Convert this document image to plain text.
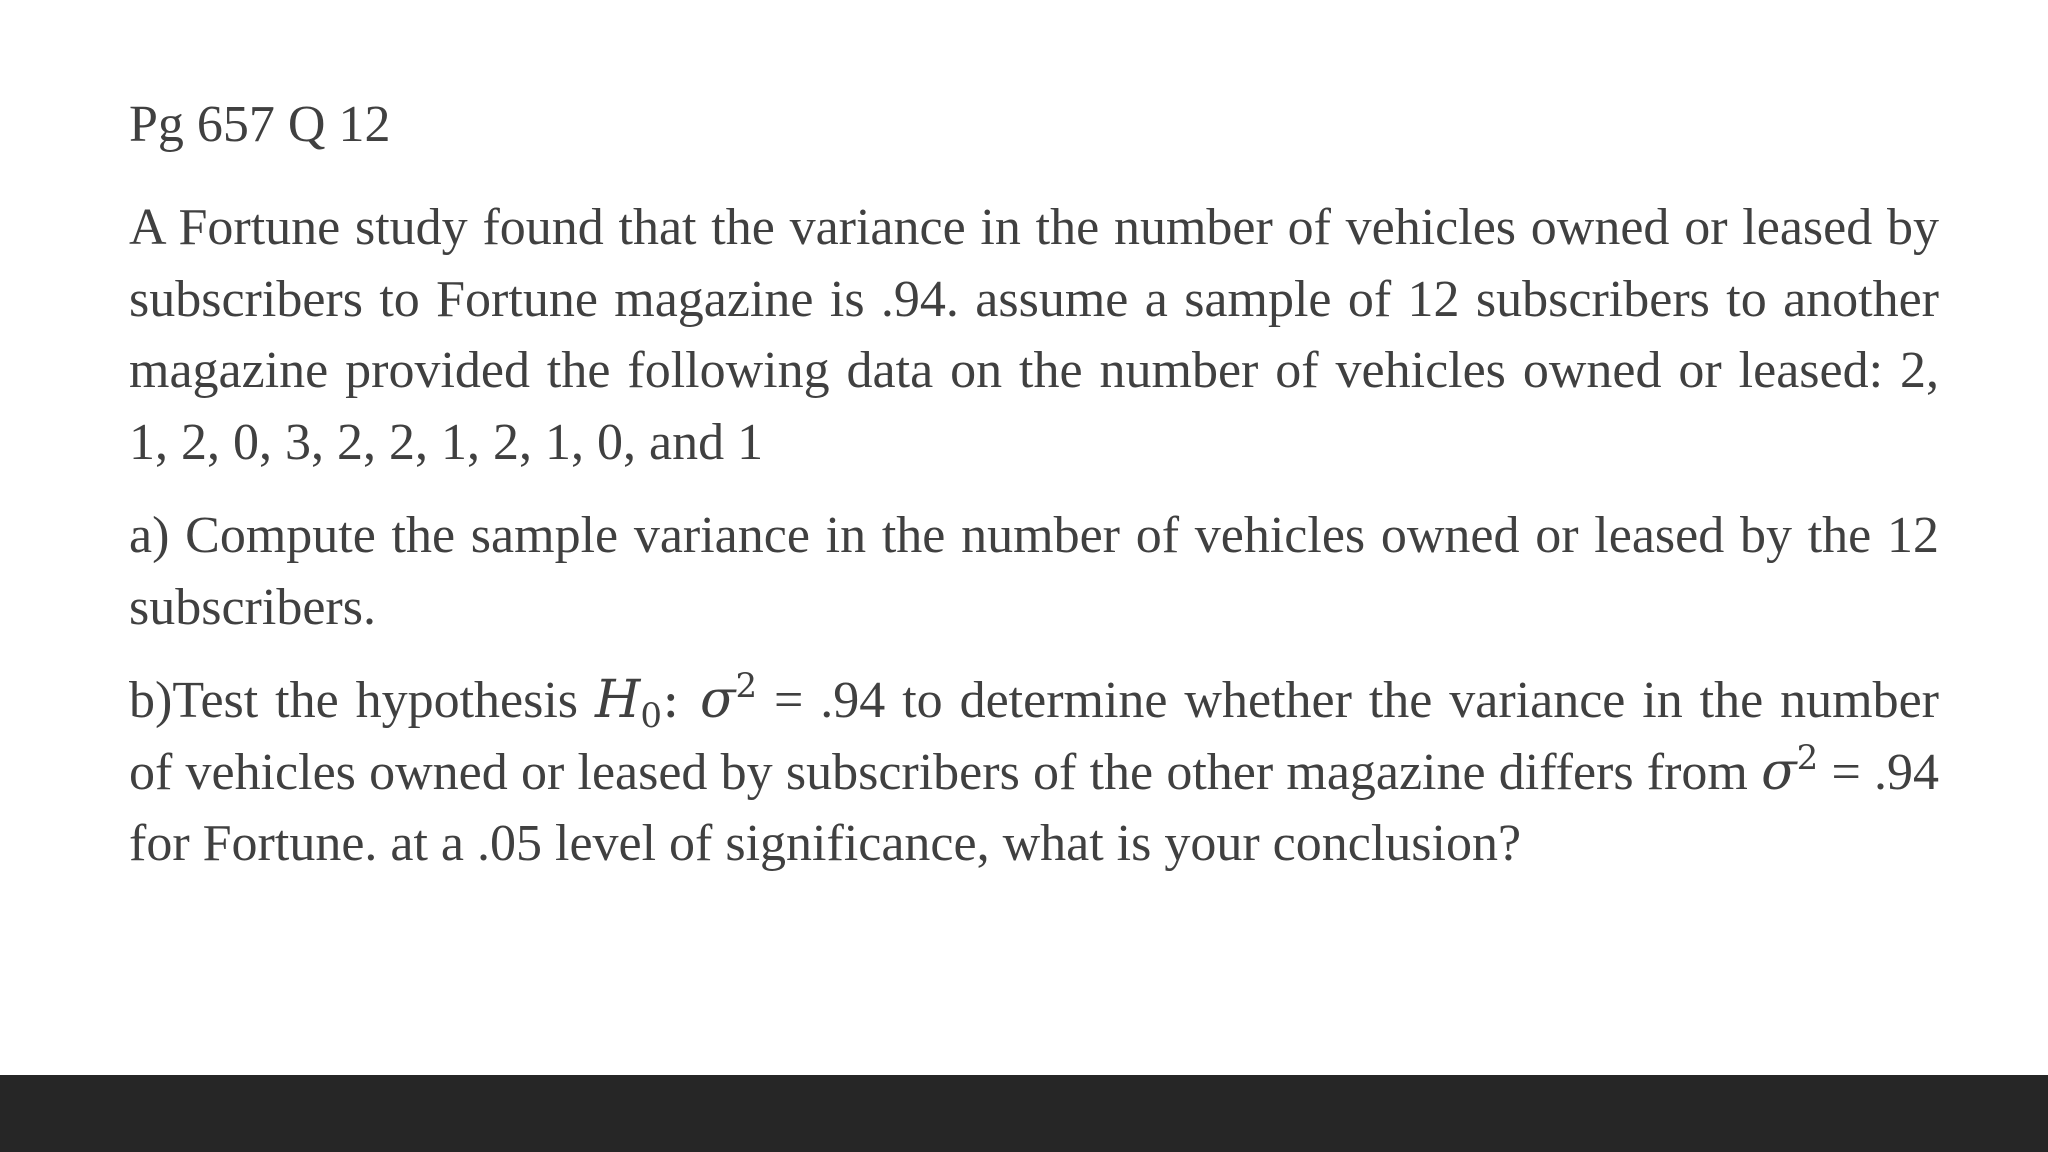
Pg 657 Q 12

A Fortune study found that the variance in the number of vehicles owned or leased by subscribers to Fortune magazine is .94. assume a sample of 12 subscribers to another magazine provided the following data on the number of vehicles owned or leased: 2, 1, 2, 0, 3, 2, 2, 1, 2, 1, 0, and 1

a) Compute the sample variance in the number of vehicles owned or leased by the 12 subscribers.

b)Test the hypothesis $H_0$: $\sigma^2 = .94$ to determine whether the variance in the number of vehicles owned or leased by subscribers of the other magazine differs from $\sigma^2 = .94$ for Fortune. at a .05 level of significance, what is your conclusion?
